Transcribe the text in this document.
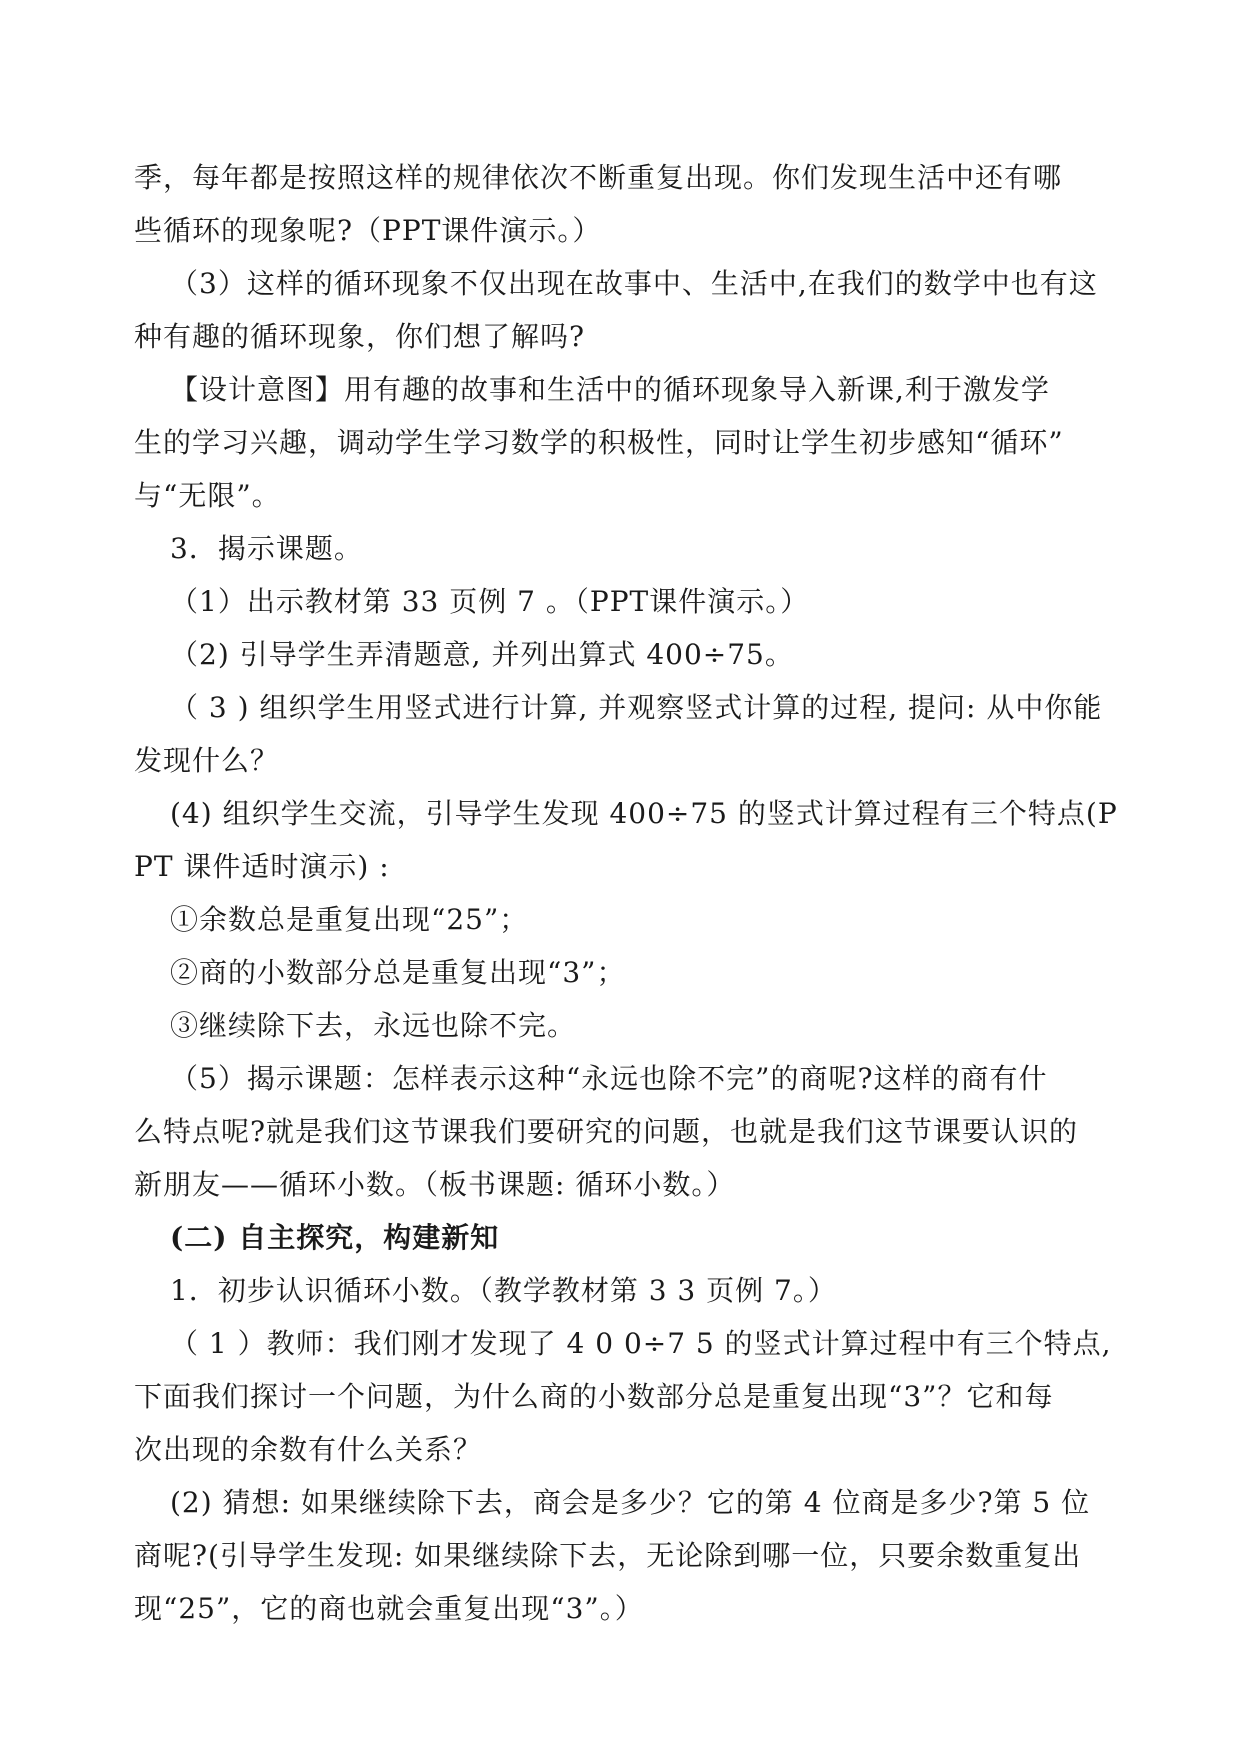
季，每年都是按照这样的规律依次不断重复出现。你们发现生活中还有哪
些循环的现象呢?（PPT课件演示。）
（3）这样的循环现象不仅出现在故事中、生活中,在我们的数学中也有这
种有趣的循环现象，你们想了解吗?
【设计意图】用有趣的故事和生活中的循环现象导入新课,利于激发学
生的学习兴趣，调动学生学习数学的积极性，同时让学生初步感知“循环”
与“无限”。
3．揭示课题。
（1）出示教材第 33 页例 7 。（PPT课件演示。）
（2) 引导学生弄清题意, 并列出算式 400÷75。
（ 3 ) 组织学生用竖式进行计算, 并观察竖式计算的过程, 提问: 从中你能
发现什么？
(4) 组织学生交流，引导学生发现 400÷75 的竖式计算过程有三个特点(P
PT 课件适时演示) :
①余数总是重复出现“25”；
②商的小数部分总是重复出现“3”；
③继续除下去，永远也除不完。
（5）揭示课题：怎样表示这种“永远也除不完”的商呢?这样的商有什
么特点呢?就是我们这节课我们要研究的问题，也就是我们这节课要认识的
新朋友——循环小数。（板书课题: 循环小数。）
(二) 自主探究，构建新知
1．初步认识循环小数。（教学教材第 3 3 页例 7。）
（ 1 ）教师：我们刚才发现了 4 0 0÷7 5 的竖式计算过程中有三个特点,
下面我们探讨一个问题，为什么商的小数部分总是重复出现“3”？它和每
次出现的余数有什么关系？
(2) 猜想: 如果继续除下去，商会是多少？它的第 4 位商是多少?第 5 位
商呢?(引导学生发现: 如果继续除下去，无论除到哪一位，只要余数重复出
现“25”，它的商也就会重复出现“3”。）
